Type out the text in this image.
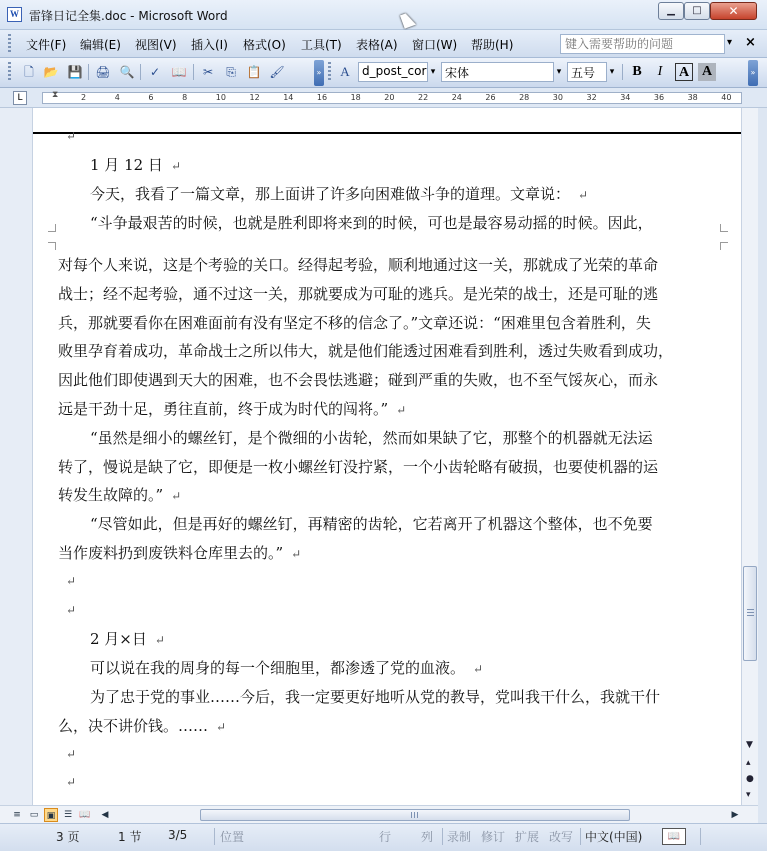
W 雷锋日记全集.doc - Microsoft Word	▁	□	✕
文件(F) 编辑(E) 视图(V) 插入(I) 格式(O) 工具(T) 表格(A) 窗口(W) 帮助(H)
键入需要帮助的问题	▾ ×
🗋 📂 💾 🖨 🔍	✓ 📖	✂	⎘ 📋 🖌	»	A	d_post_cor ▾ 宋体	▾ 五号	▾	B	I	A A	»
L	2	4	6	8	10	12	14	16	18	20	22	24	26	28	30	32	34	36	38	40
⧗
↵
1 月 12 日 ↵
今天，我看了一篇文章，那上面讲了许多向困难做斗争的道理。文章说： ↵
“斗争最艰苦的时候，也就是胜利即将来到的时候，可也是最容易动摇的时候。因此，
对每个人来说，这是个考验的关口。经得起考验，顺利地通过这一关，那就成了光荣的革命
战士；经不起考验，通不过这一关，那就要成为可耻的逃兵。是光荣的战士，还是可耻的逃
兵，那就要看你在困难面前有没有坚定不移的信念了。”文章还说：“困难里包含着胜利，失
败里孕育着成功，革命战士之所以伟大，就是他们能透过困难看到胜利，透过失败看到成功，
因此他们即使遇到天大的困难，也不会畏怯逃避；碰到严重的失败，也不至气馁灰心，而永
远是干劲十足，勇往直前，终于成为时代的闯将。” ↵
“虽然是细小的螺丝钉，是个微细的小齿轮，然而如果缺了它，那整个的机器就无法运
转了，慢说是缺了它，即便是一枚小螺丝钉没拧紧，一个小齿轮略有破损，也要使机器的运
转发生故障的。” ↵
“尽管如此，但是再好的螺丝钉，再精密的齿轮，它若离开了机器这个整体，也不免要
当作废料扔到废铁料仓库里去的。” ↵
↵
↵
2 月×日 ↵
可以说在我的周身的每一个细胞里，都渗透了党的血液。 ↵
为了忠于党的事业……今后，我一定要更好地听从党的教导，党叫我干什么，我就干什
么，决不讲价钱。…… ↵
↵
↵
▼
▴
●
▾
≡ ▭ ▣ ☰ 📖	◀	▶
3 页	1 节 3/5	位置	行 列 录制 修订 扩展 改写 中文(中国)	📖
